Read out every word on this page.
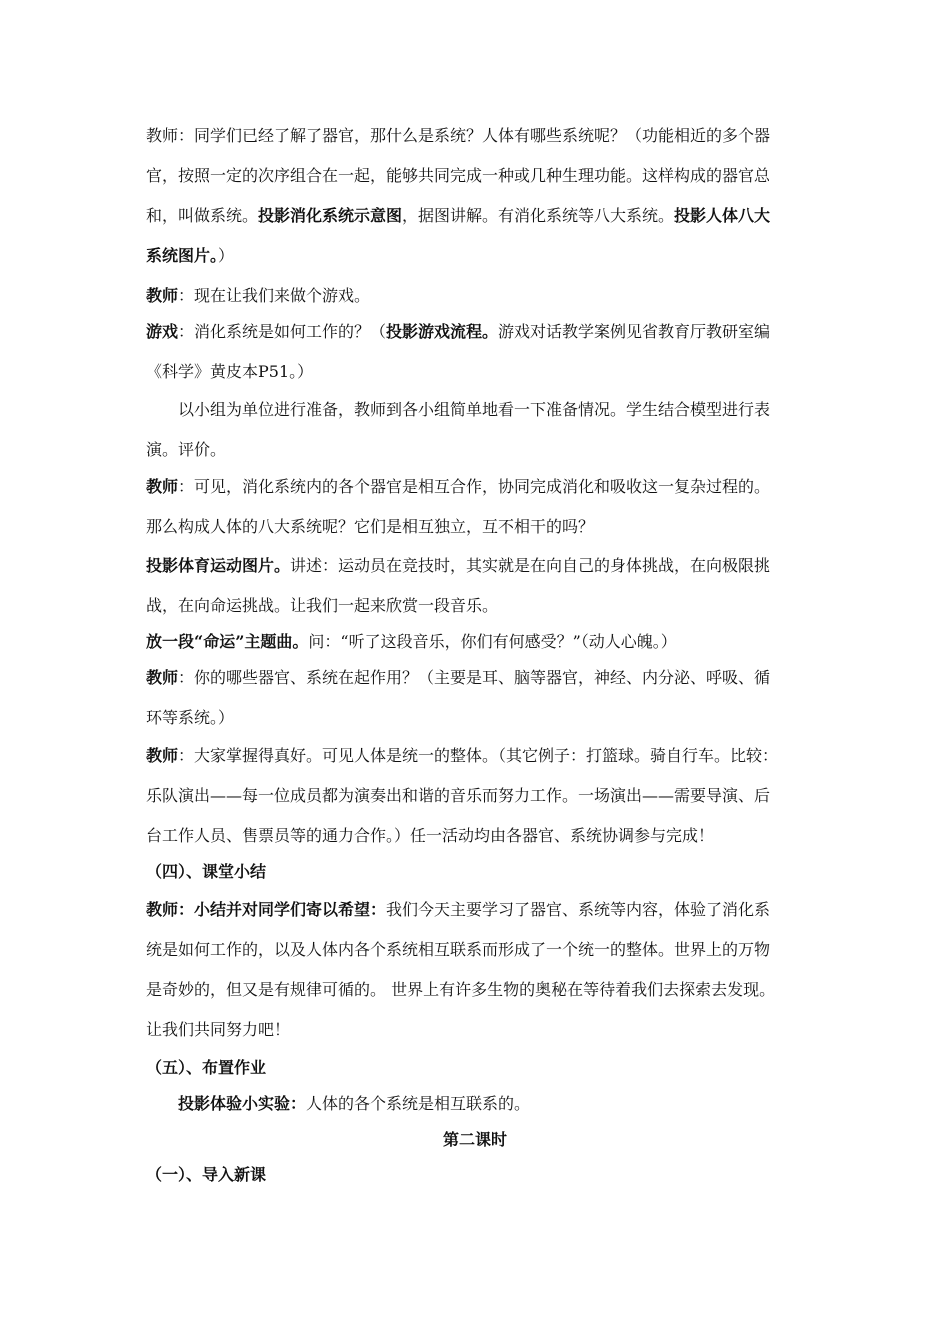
教师：同学们已经了解了器官，那什么是系统？人体有哪些系统呢？（功能相近的多个器
官，按照一定的次序组合在一起，能够共同完成一种或几种生理功能。这样构成的器官总
和，叫做系统。投影消化系统示意图，据图讲解。有消化系统等八大系统。投影人体八大
系统图片。）
教师：现在让我们来做个游戏。
游戏：消化系统是如何工作的？（投影游戏流程。游戏对话教学案例见省教育厅教研室编
《科学》黄皮本P51。）
以小组为单位进行准备，教师到各小组简单地看一下准备情况。学生结合模型进行表
演。评价。
教师：可见，消化系统内的各个器官是相互合作，协同完成消化和吸收这一复杂过程的。
那么构成人体的八大系统呢？它们是相互独立，互不相干的吗？
投影体育运动图片。讲述：运动员在竞技时，其实就是在向自己的身体挑战，在向极限挑
战，在向命运挑战。让我们一起来欣赏一段音乐。
放一段“命运”主题曲。问：“听了这段音乐，你们有何感受？”（动人心魄。）
教师：你的哪些器官、系统在起作用？（主要是耳、脑等器官，神经、内分泌、呼吸、循
环等系统。）
教师：大家掌握得真好。可见人体是统一的整体。（其它例子：打篮球。骑自行车。比较：
乐队演出——每一位成员都为演奏出和谐的音乐而努力工作。一场演出——需要导演、后
台工作人员、售票员等的通力合作。）任一活动均由各器官、系统协调参与完成！
（四）、课堂小结
教师：小结并对同学们寄以希望：我们今天主要学习了器官、系统等内容，体验了消化系
统是如何工作的，以及人体内各个系统相互联系而形成了一个统一的整体。世界上的万物
是奇妙的，但又是有规律可循的。 世界上有许多生物的奥秘在等待着我们去探索去发现。
让我们共同努力吧！
（五）、布置作业
投影体验小实验：人体的各个系统是相互联系的。
第二课时
（一）、导入新课
